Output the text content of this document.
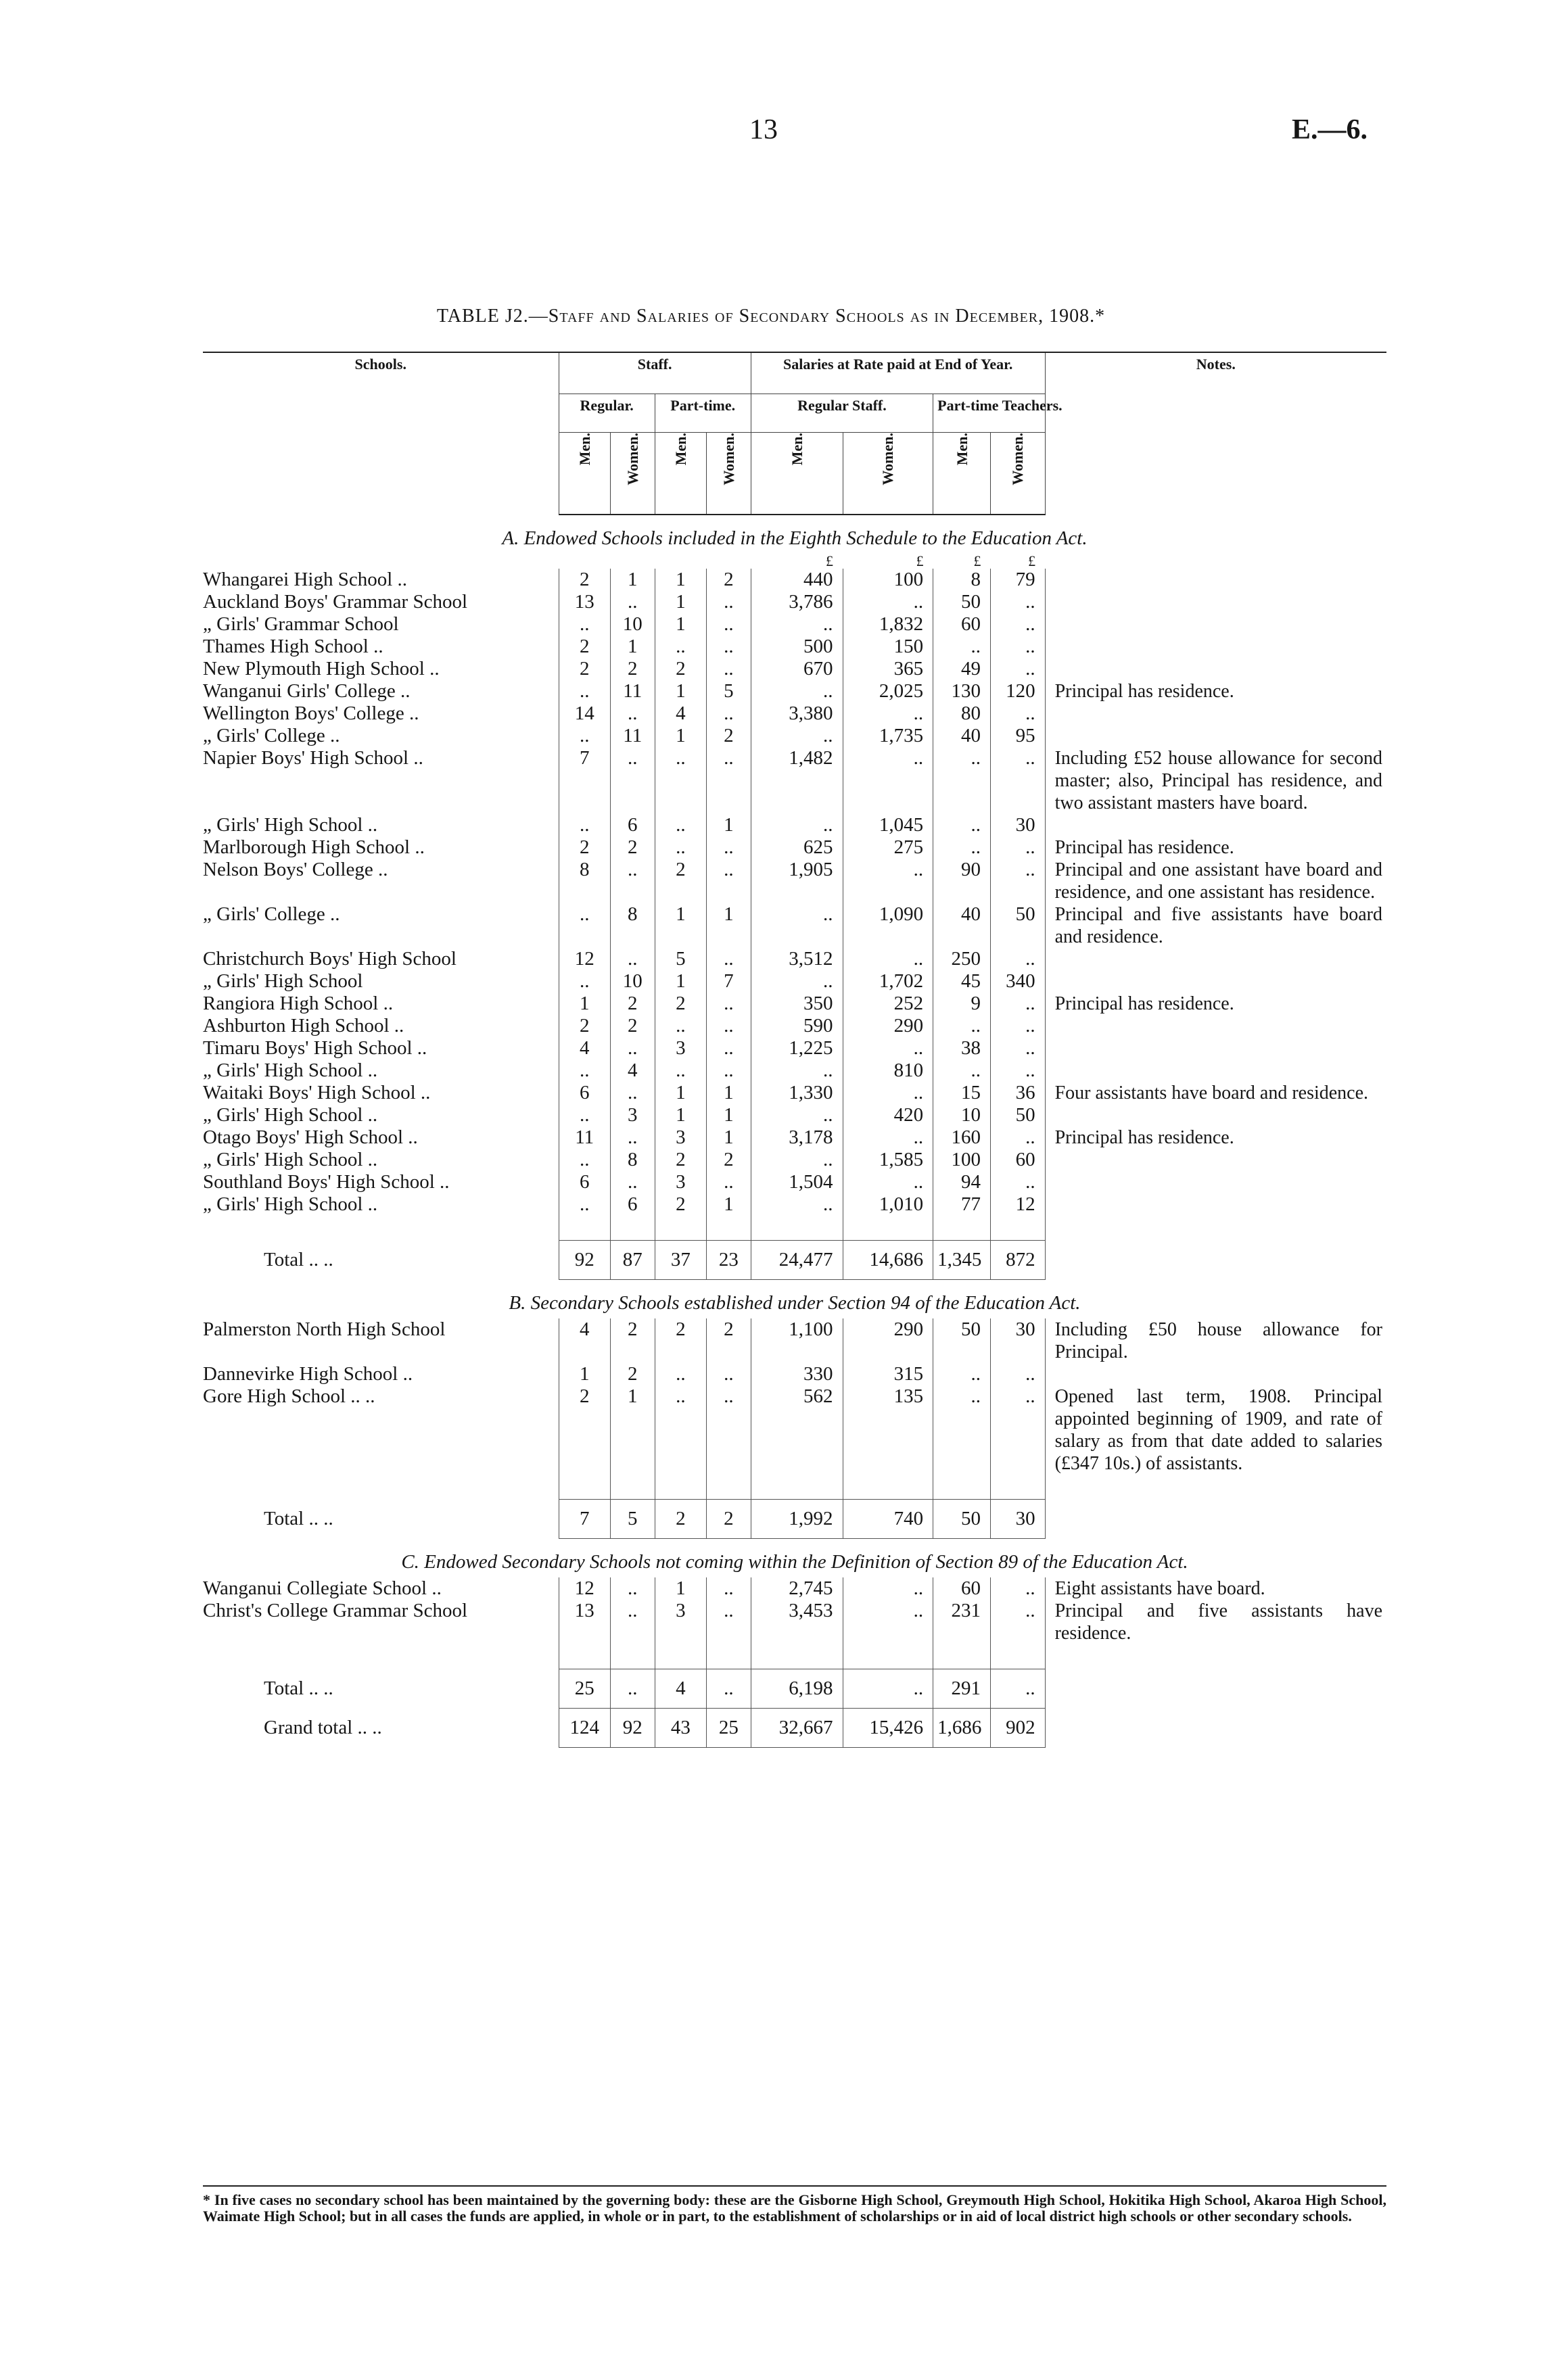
13	E.—6.
TABLE J2.—Staff and Salaries of Secondary Schools as in December, 1908.*
Schools.	Staff.				Salaries at Rate paid at End of Year.				Notes.
	Regular.		Part-time.		Regular Staff.		Part-time Teachers.		
	Men.	Women.	Men.	Women.	Men.	Women.	Men.	Women.	
A. Endowed Schools included in the Eighth Schedule to the Education Act.									
					£	£	£	£	
Whangarei High School ..	2	1	1	2	440	100	8	79	
Auckland Boys' Grammar School	13	..	1	..	3,786	..	50	..	
„ Girls' Grammar School	..	10	1	..	..	1,832	60	..	
Thames High School ..	2	1	..	..	500	150	..	..	
New Plymouth High School ..	2	2	2	..	670	365	49	..	
Wanganui Girls' College ..	..	11	1	5	..	2,025	130	120	Principal has residence.
Wellington Boys' College ..	14	..	4	..	3,380	..	80	..	
„ Girls' College ..	..	11	1	2	..	1,735	40	95	
Napier Boys' High School ..	7	..	..	..	1,482	..	..	..	Including £52 house allowance for second master; also, Principal has residence, and two assistant masters have board.
„ Girls' High School ..	..	6	..	1	..	1,045	..	30	
Marlborough High School ..	2	2	..	..	625	275	..	..	Principal has residence.
Nelson Boys' College ..	8	..	2	..	1,905	..	90	..	Principal and one assistant have board and residence, and one assistant has residence.
„ Girls' College ..	..	8	1	1	..	1,090	40	50	Principal and five assistants have board and residence.
Christchurch Boys' High School	12	..	5	..	3,512	..	250	..	
„ Girls' High School	..	10	1	7	..	1,702	45	340	
Rangiora High School ..	1	2	2	..	350	252	9	..	Principal has residence.
Ashburton High School ..	2	2	..	..	590	290	..	..	
Timaru Boys' High School ..	4	..	3	..	1,225	..	38	..	
„ Girls' High School ..	..	4	..	..	..	810	..	..	
Waitaki Boys' High School ..	6	..	1	1	1,330	..	15	36	Four assistants have board and residence.
„ Girls' High School ..	..	3	1	1	..	420	10	50	
Otago Boys' High School ..	11	..	3	1	3,178	..	160	..	Principal has residence.
„ Girls' High School ..	..	8	2	2	..	1,585	100	60	
Southland Boys' High School ..	6	..	3	..	1,504	..	94	..	
„ Girls' High School ..	..	6	2	1	..	1,010	77	12	

Total .. ..	92	87	37	23	24,477	14,686	1,345	872	
B. Secondary Schools established under Section 94 of the Education Act.									
Palmerston North High School	4	2	2	2	1,100	290	50	30	Including £50 house allowance for Principal.
Dannevirke High School ..	1	2	..	..	330	315	..	..	
Gore High School .. ..	2	1	..	..	562	135	..	..	Opened last term, 1908. Principal appointed beginning of 1909, and rate of salary as from that date added to salaries (£347 10s.) of assistants.

Total .. ..	7	5	2	2	1,992	740	50	30	
C. Endowed Secondary Schools not coming within the Definition of Section 89 of the Education Act.									
Wanganui Collegiate School ..	12	..	1	..	2,745	..	60	..	Eight assistants have board.
Christ's College Grammar School	13	..	3	..	3,453	..	231	..	Principal and five assistants have residence.

Total .. ..	25	..	4	..	6,198	..	291	..	
Grand total .. ..	124	92	43	25	32,667	15,426	1,686	902	
* In five cases no secondary school has been maintained by the governing body: these are the Gisborne High School, Greymouth High School, Hokitika High School, Akaroa High School, Waimate High School; but in all cases the funds are applied, in whole or in part, to the establishment of scholarships or in aid of local district high schools or other secondary schools.
